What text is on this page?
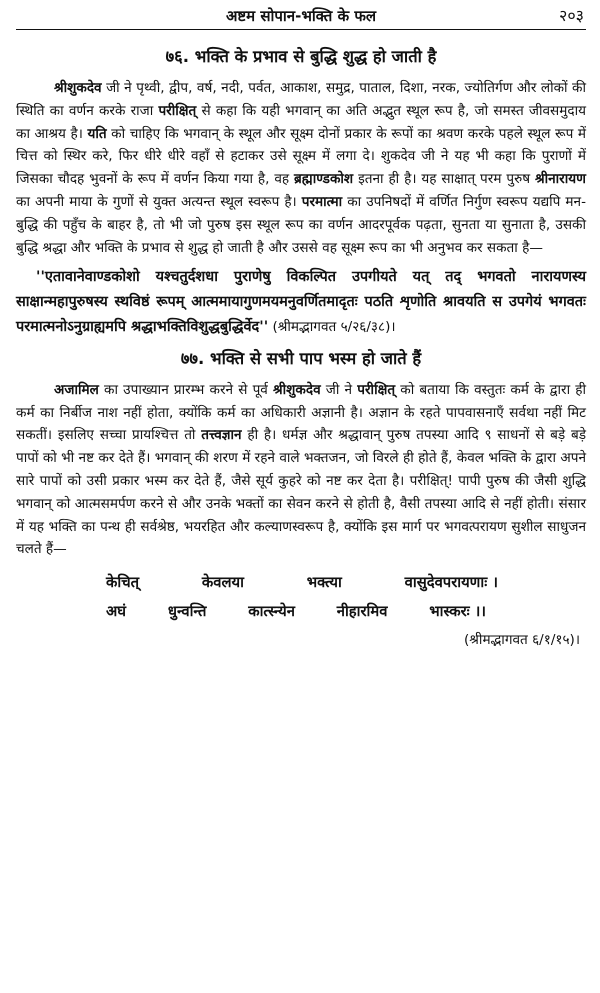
अष्टम सोपान-भक्ति के फल	२०३
७६. भक्ति के प्रभाव से बुद्धि शुद्ध हो जाती है

श्रीशुकदेव जी ने पृथ्वी, द्वीप, वर्ष, नदी, पर्वत, आकाश, समुद्र, पाताल, दिशा, नरक, ज्योतिर्गण और लोकों की स्थिति का वर्णन करके राजा परीक्षित् से कहा कि यही भगवान् का अति अद्भुत स्थूल रूप है, जो समस्त जीवसमुदाय का आश्रय है। यति को चाहिए कि भगवान् के स्थूल और सूक्ष्म दोनों प्रकार के रूपों का श्रवण करके पहले स्थूल रूप में चित्त को स्थिर करे, फिर धीरे धीरे वहाँ से हटाकर उसे सूक्ष्म में लगा दे। शुकदेव जी ने यह भी कहा कि पुराणों में जिसका चौदह भुवनों के रूप में वर्णन किया गया है, वह ब्रह्माण्डकोश इतना ही है। यह साक्षात् परम पुरुष श्रीनारायण का अपनी माया के गुणों से युक्त अत्यन्त स्थूल स्वरूप है। परमात्मा का उपनिषदों में वर्णित निर्गुण स्वरूप यद्यपि मन-बुद्धि की पहुँच के बाहर है, तो भी जो पुरुष इस स्थूल रूप का वर्णन आदरपूर्वक पढ़ता, सुनता या सुनाता है, उसकी बुद्धि श्रद्धा और भक्ति के प्रभाव से शुद्ध हो जाती है और उससे वह सूक्ष्म रूप का भी अनुभव कर सकता है—

''एतावानेवाण्डकोशो यश्चतुर्दशधा पुराणेषु विकल्पित उपगीयते यत् तद् भगवतो नारायणस्य साक्षान्महापुरुषस्य स्थविष्ठं रूपम् आत्ममायागुणमयमनुवर्णितमादृतः पठति शृणोति श्रावयति स उपगेयं भगवतः परमात्मनोऽनुग्राह्यमपि श्रद्धाभक्तिविशुद्धबुद्धिर्वेद'' (श्रीमद्भागवत ५/२६/३८)।
७७. भक्ति से सभी पाप भस्म हो जाते हैं

अजामिल का उपाख्यान प्रारम्भ करने से पूर्व श्रीशुकदेव जी ने परीक्षित् को बताया कि वस्तुतः कर्म के द्वारा ही कर्म का निर्बीज नाश नहीं होता, क्योंकि कर्म का अधिकारी अज्ञानी है। अज्ञान के रहते पापवासनाएँ सर्वथा नहीं मिट सकतीं। इसलिए सच्चा प्रायश्चित्त तो तत्त्वज्ञान ही है। धर्मज्ञ और श्रद्धावान् पुरुष तपस्या आदि ९ साधनों से बड़े बड़े पापों को भी नष्ट कर देते हैं। भगवान् की शरण में रहने वाले भक्तजन, जो विरले ही होते हैं, केवल भक्ति के द्वारा अपने सारे पापों को उसी प्रकार भस्म कर देते हैं, जैसे सूर्य कुहरे को नष्ट कर देता है। परीक्षित्! पापी पुरुष की जैसी शुद्धि भगवान् को आत्मसमर्पण करने से और उनके भक्तों का सेवन करने से होती है, वैसी तपस्या आदि से नहीं होती। संसार में यह भक्ति का पन्थ ही सर्वश्रेष्ठ, भयरहित और कल्याणस्वरूप है, क्योंकि इस मार्ग पर भगवत्परायण सुशील साधुजन चलते हैं—

केचित्	केवलया	भक्त्या	वासुदेवपरायणाः ।
अघं	धुन्वन्ति	कात्स्न्येन	नीहारमिव	भास्करः ।।
(श्रीमद्भागवत ६/१/१५)।
